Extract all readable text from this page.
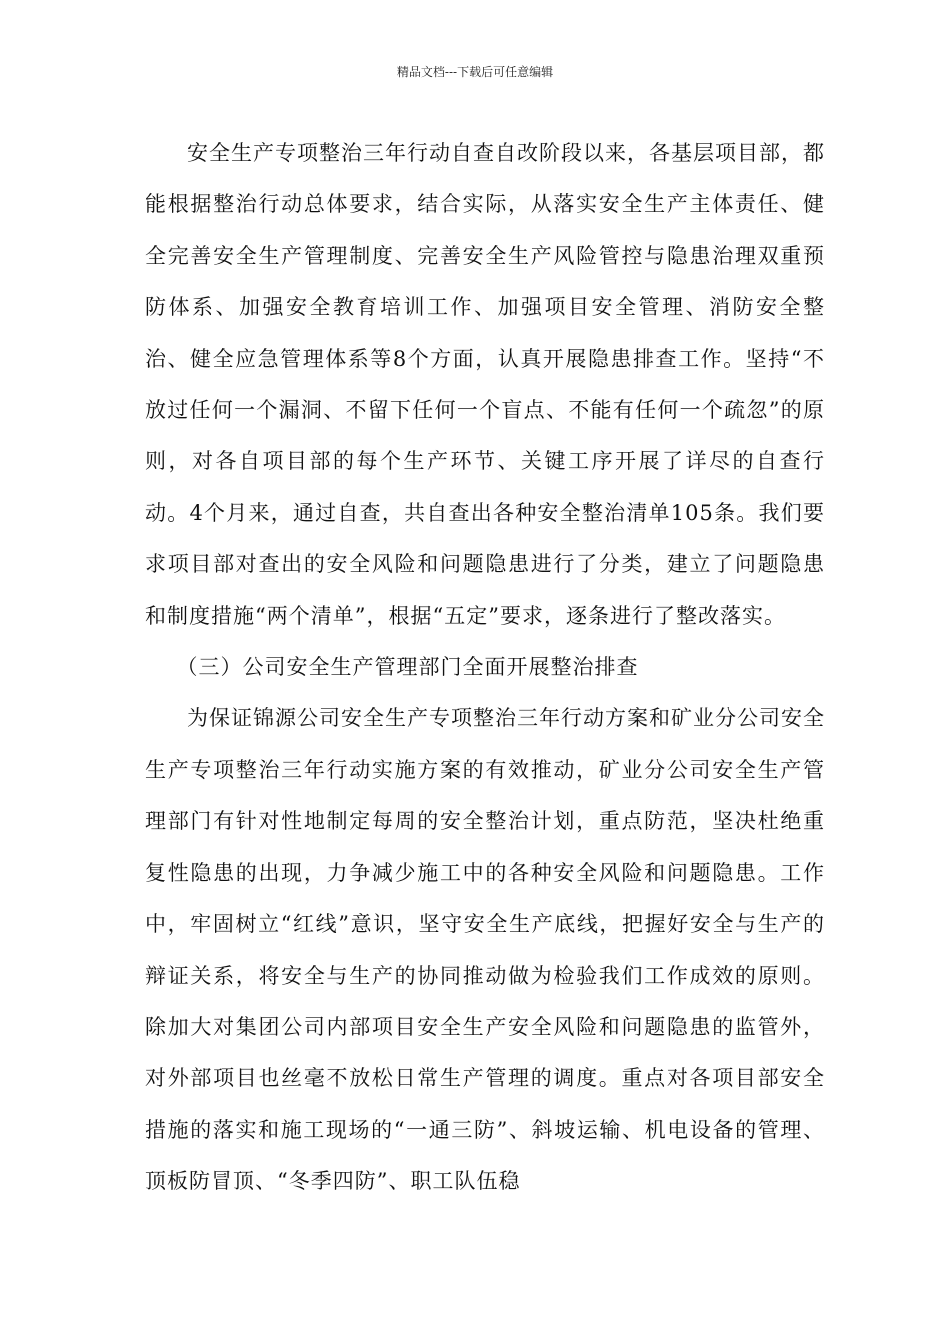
精品文档---下载后可任意编辑

安全生产专项整治三年行动自查自改阶段以来，各基层项目部，都能根据整治行动总体要求，结合实际，从落实安全生产主体责任、健全完善安全生产管理制度、完善安全生产风险管控与隐患治理双重预防体系、加强安全教育培训工作、加强项目安全管理、消防安全整治、健全应急管理体系等8个方面，认真开展隐患排查工作。坚持“不放过任何一个漏洞、不留下任何一个盲点、不能有任何一个疏忽”的原则，对各自项目部的每个生产环节、关键工序开展了详尽的自查行动。4个月来，通过自查，共自查出各种安全整治清单105条。我们要求项目部对查出的安全风险和问题隐患进行了分类，建立了问题隐患和制度措施“两个清单”，根据“五定”要求，逐条进行了整改落实。

（三）公司安全生产管理部门全面开展整治排查

为保证锦源公司安全生产专项整治三年行动方案和矿业分公司安全生产专项整治三年行动实施方案的有效推动，矿业分公司安全生产管理部门有针对性地制定每周的安全整治计划，重点防范，坚决杜绝重复性隐患的出现，力争减少施工中的各种安全风险和问题隐患。工作中，牢固树立“红线”意识，坚守安全生产底线，把握好安全与生产的辩证关系，将安全与生产的协同推动做为检验我们工作成效的原则。除加大对集团公司内部项目安全生产安全风险和问题隐患的监管外，对外部项目也丝毫不放松日常生产管理的调度。重点对各项目部安全措施的落实和施工现场的“一通三防”、斜坡运输、机电设备的管理、顶板防冒顶、“冬季四防”、职工队伍稳
